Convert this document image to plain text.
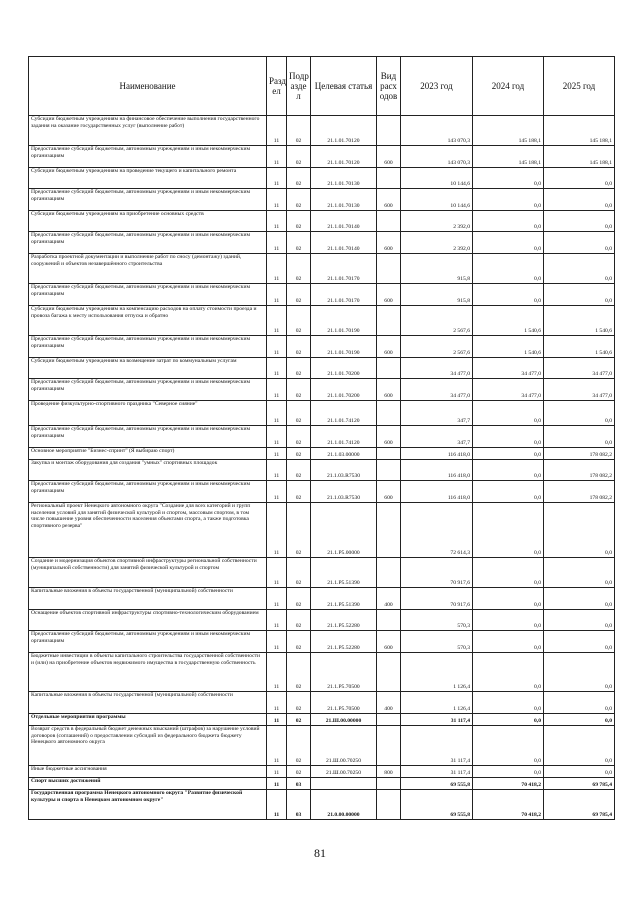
Наименование	Разд ел	Подр азде л	Целевая статья	Вид расх одов	2023 год	2024 год	2025 год
Субсидии бюджетным учреждениям на финансовое обеспечение выполнения государственного задания на оказание государственных услуг (выполнение работ)	11	02	21.1.01.70120		143 070,3	145 188,1	145 188,1
Предоставление субсидий бюджетным, автономным учреждениям и иным некоммерческим организациям	11	02	21.1.01.70120	600	143 070,3	145 188,1	145 188,1
Субсидии бюджетным учреждениям на проведение текущего и капитального ремонта	11	02	21.1.01.70130		10 144,6	0,0	0,0
Предоставление субсидий бюджетным, автономным учреждениям и иным некоммерческим организациям	11	02	21.1.01.70130	600	10 144,6	0,0	0,0
Субсидии бюджетным учреждениям на приобретение основных средств	11	02	21.1.01.70140		2 392,0	0,0	0,0
Предоставление субсидий бюджетным, автономным учреждениям и иным некоммерческим организациям	11	02	21.1.01.70140	600	2 392,0	0,0	0,0
Разработка проектной документации и выполнение работ по сносу (демонтажу) зданий, сооружений и объектов незавершённого строительства	11	02	21.1.01.70170		915,8	0,0	0,0
Предоставление субсидий бюджетным, автономным учреждениям и иным некоммерческим организациям	11	02	21.1.01.70170	600	915,8	0,0	0,0
Субсидии бюджетным учреждениям на компенсацию расходов на оплату стоимости проезда и провоза багажа к месту использования отпуска и обратно	11	02	21.1.01.70190		2 567,6	1 540,6	1 540,6
Предоставление субсидий бюджетным, автономным учреждениям и иным некоммерческим организациям	11	02	21.1.01.70190	600	2 567,6	1 540,6	1 540,6
Субсидии бюджетным учреждениям на возмещение затрат по коммунальным услугам	11	02	21.1.01.70200		34 477,0	34 477,0	34 477,0
Предоставление субсидий бюджетным, автономным учреждениям и иным некоммерческим организациям	11	02	21.1.01.70200	600	34 477,0	34 477,0	34 477,0
Проведение физкультурно-спортивного праздника "Северное сияние"	11	02	21.1.01.74120		347,7	0,0	0,0
Предоставление субсидий бюджетным, автономным учреждениям и иным некоммерческим организациям	11	02	21.1.01.74120	600	347,7	0,0	0,0
Основное мероприятие "Бизнес-спринт" (Я выбираю спорт)	11	02	21.1.03.00000		116 418,0	0,0	178 082,2
Закупка и монтаж оборудования для создания "умных" спортивных площадок	11	02	21.1.03.R7530		116 418,0	0,0	178 082,2
Предоставление субсидий бюджетным, автономным учреждениям и иным некоммерческим организациям	11	02	21.1.03.R7530	600	116 418,0	0,0	178 082,2
Региональный проект Ненецкого автономного округа "Создание для всех категорий и групп населения условий для занятий физической культурой и спортом, массовым спортом, в том числе повышение уровня обеспеченности населения объектами спорта, а также подготовка спортивного резерва"	11	02	21.1.P5.00000		72 614,3	0,0	0,0
Создание и модернизация объектов спортивной инфраструктуры региональной собственности (муниципальной собственности) для занятий физической культурой и спортом	11	02	21.1.P5.51390		70 917,6	0,0	0,0
Капитальные вложения в объекты государственной (муниципальной) собственности	11	02	21.1.P5.51390	400	70 917,6	0,0	0,0
Оснащение объектов спортивной инфраструктуры спортивно-технологическим оборудованием	11	02	21.1.P5.52280		570,3	0,0	0,0
Предоставление субсидий бюджетным, автономным учреждениям и иным некоммерческим организациям	11	02	21.1.P5.52280	600	570,3	0,0	0,0
Бюджетные инвестиции в объекты капитального строительства государственной собственности и (или) на приобретение объектов недвижимого имущества в государственную собственность	11	02	21.1.P5.70500		1 126,4	0,0	0,0
Капитальные вложения в объекты государственной (муниципальной) собственности	11	02	21.1.P5.70500	400	1 126,4	0,0	0,0
Отдельные мероприятия программы	11	02	21.Ш.00.00000		31 117,4	0,0	0,0
Возврат средств в федеральный бюджет денежных взысканий (штрафов) за нарушение условий договоров (соглашений) о предоставлении субсидий из федерального бюджета бюджету Ненецкого автономного округа	11	02	21.Ш.00.70250		31 117,4	0,0	0,0
Иные бюджетные ассигнования	11	02	21.Ш.00.70250	800	31 117,4	0,0	0,0
Спорт высших достижений	11	03			69 555,8	70 418,2	69 785,4
Государственная программа Ненецкого автономного округа "Развитие физической культуры и спорта в Ненецком автономном округе"	11	03	21.0.00.00000		69 555,8	70 418,2	69 785,4
81
